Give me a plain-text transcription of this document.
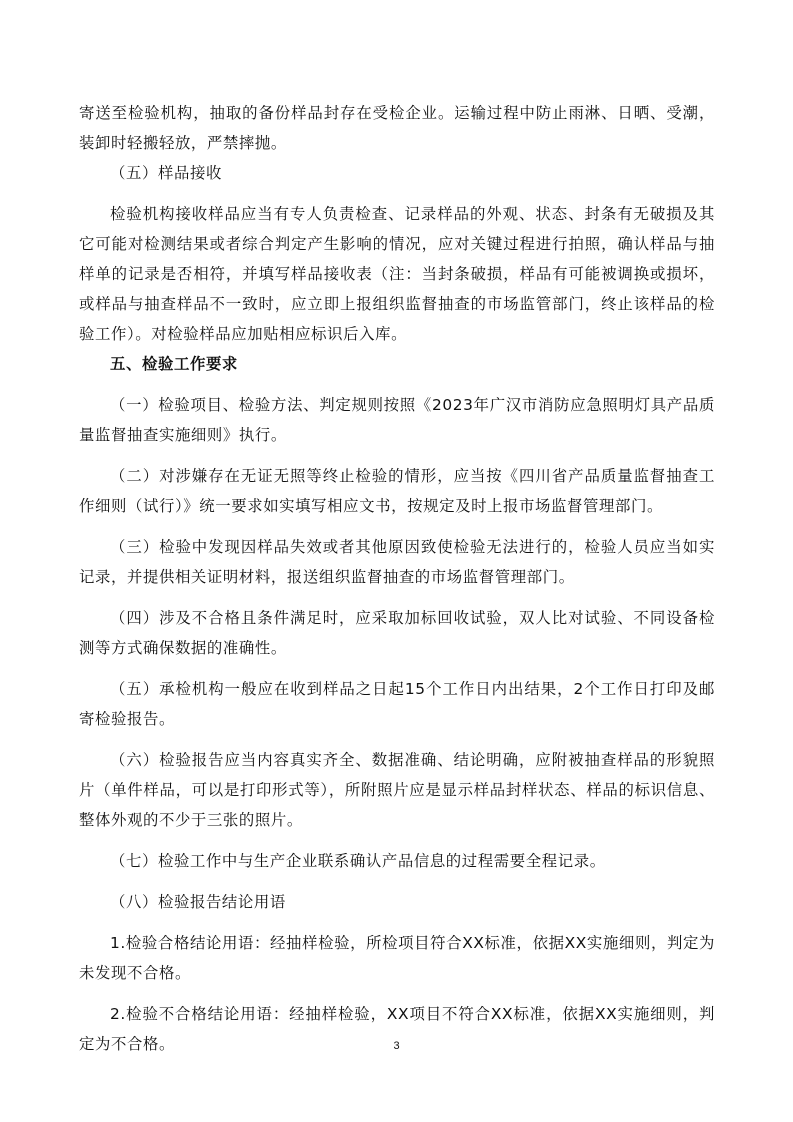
寄送至检验机构，抽取的备份样品封存在受检企业。运输过程中防止雨淋、日晒、受潮，装卸时轻搬轻放，严禁摔抛。

（五）样品接收

检验机构接收样品应当有专人负责检查、记录样品的外观、状态、封条有无破损及其它可能对检测结果或者综合判定产生影响的情况，应对关键过程进行拍照，确认样品与抽样单的记录是否相符，并填写样品接收表（注：当封条破损，样品有可能被调换或损坏，或样品与抽查样品不一致时，应立即上报组织监督抽查的市场监管部门，终止该样品的检验工作）。对检验样品应加贴相应标识后入库。

五、检验工作要求

（一）检验项目、检验方法、判定规则按照《2023年广汉市消防应急照明灯具产品质量监督抽查实施细则》执行。

（二）对涉嫌存在无证无照等终止检验的情形，应当按《四川省产品质量监督抽查工作细则（试行）》统一要求如实填写相应文书，按规定及时上报市场监督管理部门。

（三）检验中发现因样品失效或者其他原因致使检验无法进行的，检验人员应当如实记录，并提供相关证明材料，报送组织监督抽查的市场监督管理部门。

（四）涉及不合格且条件满足时，应采取加标回收试验，双人比对试验、不同设备检测等方式确保数据的准确性。

（五）承检机构一般应在收到样品之日起15个工作日内出结果，2个工作日打印及邮寄检验报告。

（六）检验报告应当内容真实齐全、数据准确、结论明确，应附被抽查样品的形貌照片（单件样品，可以是打印形式等），所附照片应是显示样品封样状态、样品的标识信息、整体外观的不少于三张的照片。

（七）检验工作中与生产企业联系确认产品信息的过程需要全程记录。

（八）检验报告结论用语

1.检验合格结论用语：经抽样检验，所检项目符合XX标准，依据XX实施细则，判定为未发现不合格。

2.检验不合格结论用语：经抽样检验，XX项目不符合XX标准，依据XX实施细则，判定为不合格。	3
